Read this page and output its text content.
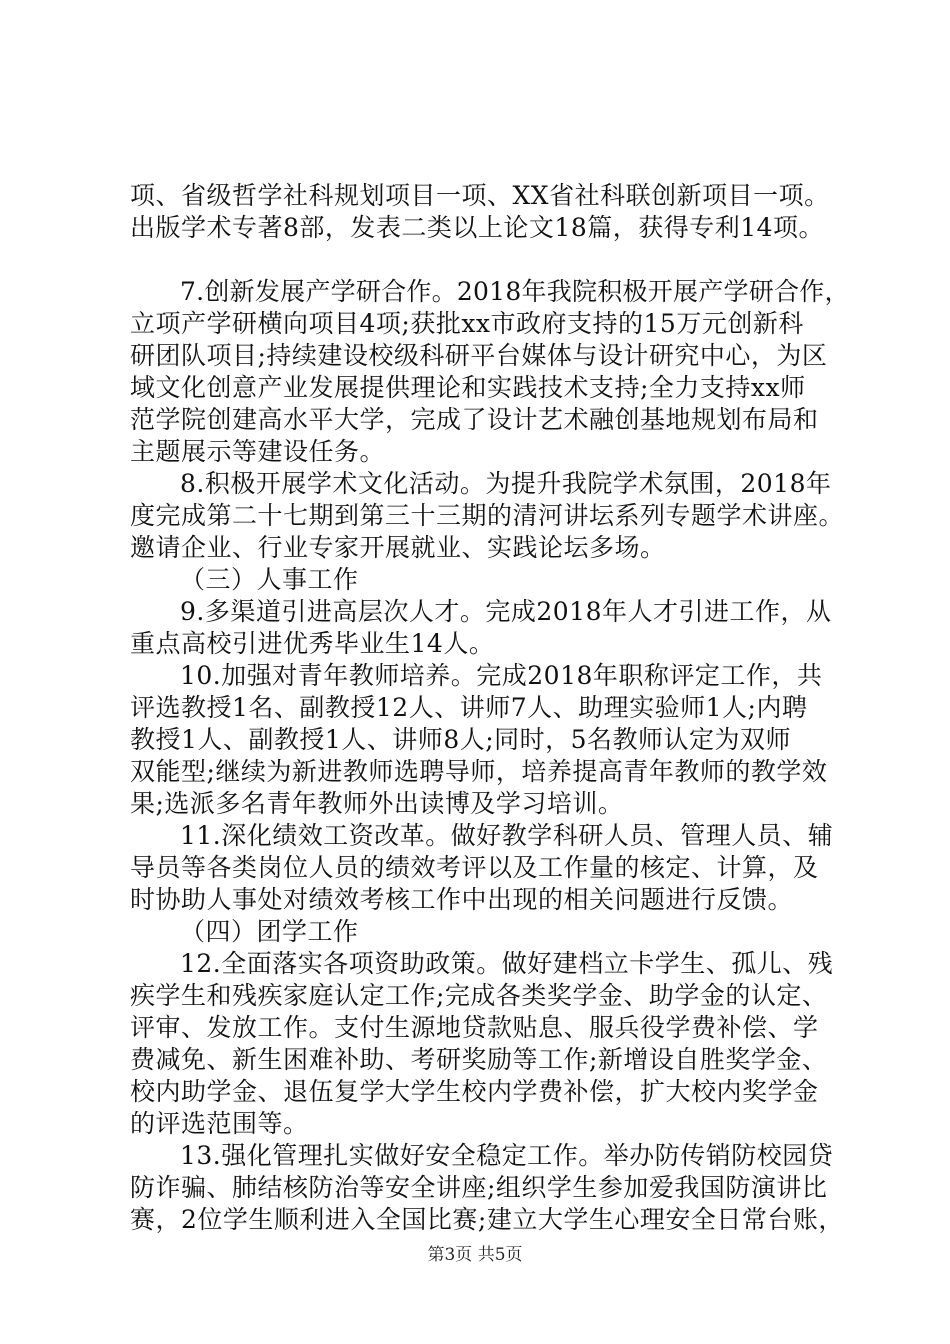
项、省级哲学社科规划项目一项、XX省社科联创新项目一项。
出版学术专著8部，发表二类以上论文18篇，获得专利14项。
7.创新发展产学研合作。2018年我院积极开展产学研合作，
立项产学研横向项目4项;获批xx市政府支持的15万元创新科
研团队项目;持续建设校级科研平台媒体与设计研究中心，为区
域文化创意产业发展提供理论和实践技术支持;全力支持xx师
范学院创建高水平大学，完成了设计艺术融创基地规划布局和
主题展示等建设任务。
8.积极开展学术文化活动。为提升我院学术氛围，2018年
度完成第二十七期到第三十三期的清河讲坛系列专题学术讲座。
邀请企业、行业专家开展就业、实践论坛多场。
（三）人事工作
9.多渠道引进高层次人才。完成2018年人才引进工作，从
重点高校引进优秀毕业生14人。
10.加强对青年教师培养。完成2018年职称评定工作，共
评选教授1名、副教授12人、讲师7人、助理实验师1人;内聘
教授1人、副教授1人、讲师8人;同时，5名教师认定为双师
双能型;继续为新进教师选聘导师，培养提高青年教师的教学效
果;选派多名青年教师外出读博及学习培训。
11.深化绩效工资改革。做好教学科研人员、管理人员、辅
导员等各类岗位人员的绩效考评以及工作量的核定、计算，及
时协助人事处对绩效考核工作中出现的相关问题进行反馈。
（四）团学工作
12.全面落实各项资助政策。做好建档立卡学生、孤儿、残
疾学生和残疾家庭认定工作;完成各类奖学金、助学金的认定、
评审、发放工作。支付生源地贷款贴息、服兵役学费补偿、学
费减免、新生困难补助、考研奖励等工作;新增设自胜奖学金、
校内助学金、退伍复学大学生校内学费补偿，扩大校内奖学金
的评选范围等。
13.强化管理扎实做好安全稳定工作。举办防传销防校园贷
防诈骗、肺结核防治等安全讲座;组织学生参加爱我国防演讲比
赛，2位学生顺利进入全国比赛;建立大学生心理安全日常台账，
第3页 共5页
